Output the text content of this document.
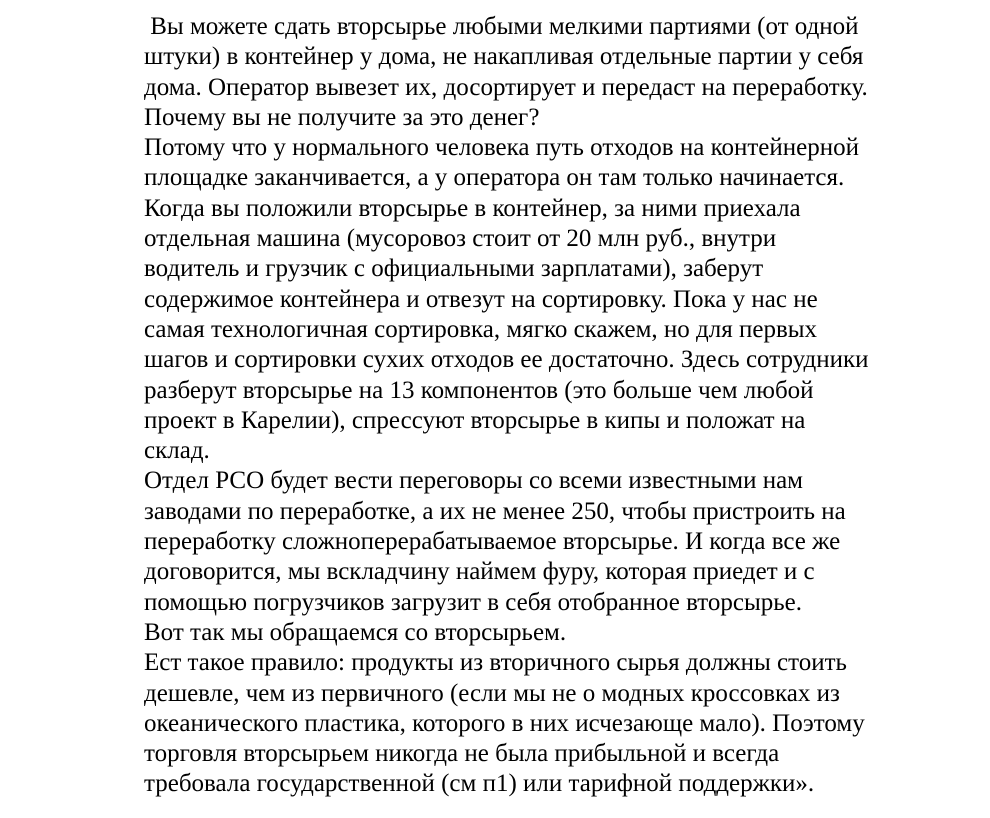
Вы можете сдать вторсырье любыми мелкими партиями (от одной
штуки) в контейнер у дома, не накапливая отдельные партии у себя
дома. Оператор вывезет их, досортирует и передаст на переработку.
Почему вы не получите за это денег?
Потому что у нормального человека путь отходов на контейнерной
площадке заканчивается, а у оператора он там только начинается.
Когда вы положили вторсырье в контейнер, за ними приехала
отдельная машина (мусоровоз стоит от 20 млн руб., внутри
водитель и грузчик с официальными зарплатами), заберут
содержимое контейнера и отвезут на сортировку. Пока у нас не
самая технологичная сортировка, мягко скажем, но для первых
шагов и сортировки сухих отходов ее достаточно. Здесь сотрудники
разберут вторсырье на 13 компонентов (это больше чем любой
проект в Карелии), спрессуют вторсырье в кипы и положат на
склад.
Отдел РСО будет вести переговоры со всеми известными нам
заводами по переработке, а их не менее 250, чтобы пристроить на
переработку сложноперерабатываемое вторсырье. И когда все же
договорится, мы вскладчину наймем фуру, которая приедет и с
помощью погрузчиков загрузит в себя отобранное вторсырье.
Вот так мы обращаемся со вторсырьем.
Ест такое правило: продукты из вторичного сырья должны стоить
дешевле, чем из первичного (если мы не о модных кроссовках из
океанического пластика, которого в них исчезающе мало). Поэтому
торговля вторсырьем никогда не была прибыльной и всегда
требовала государственной (см п1) или тарифной поддержки».
